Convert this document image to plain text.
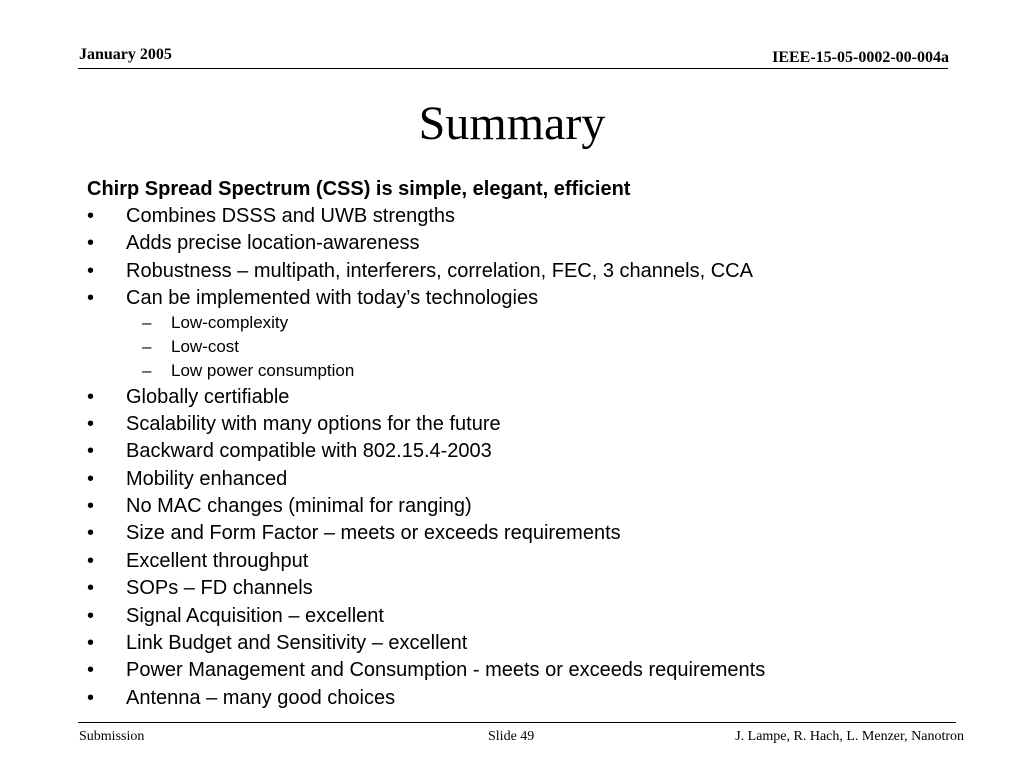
January 2005	IEEE-15-05-0002-00-004a
Summary
Chirp Spread Spectrum (CSS) is simple, elegant, efficient
• Combines DSSS and UWB strengths
• Adds precise location-awareness
• Robustness – multipath, interferers, correlation, FEC, 3 channels, CCA
• Can be implemented with today’s technologies
– Low-complexity
– Low-cost
– Low power consumption
• Globally certifiable
• Scalability with many options for the future
• Backward compatible with 802.15.4-2003
• Mobility enhanced
• No MAC changes (minimal for ranging)
• Size and Form Factor – meets or exceeds requirements
• Excellent throughput
• SOPs – FD channels
• Signal Acquisition – excellent
• Link Budget and Sensitivity – excellent
• Power Management and Consumption - meets or exceeds requirements
• Antenna – many good choices
Submission	Slide 49	J. Lampe, R. Hach, L. Menzer, Nanotron
